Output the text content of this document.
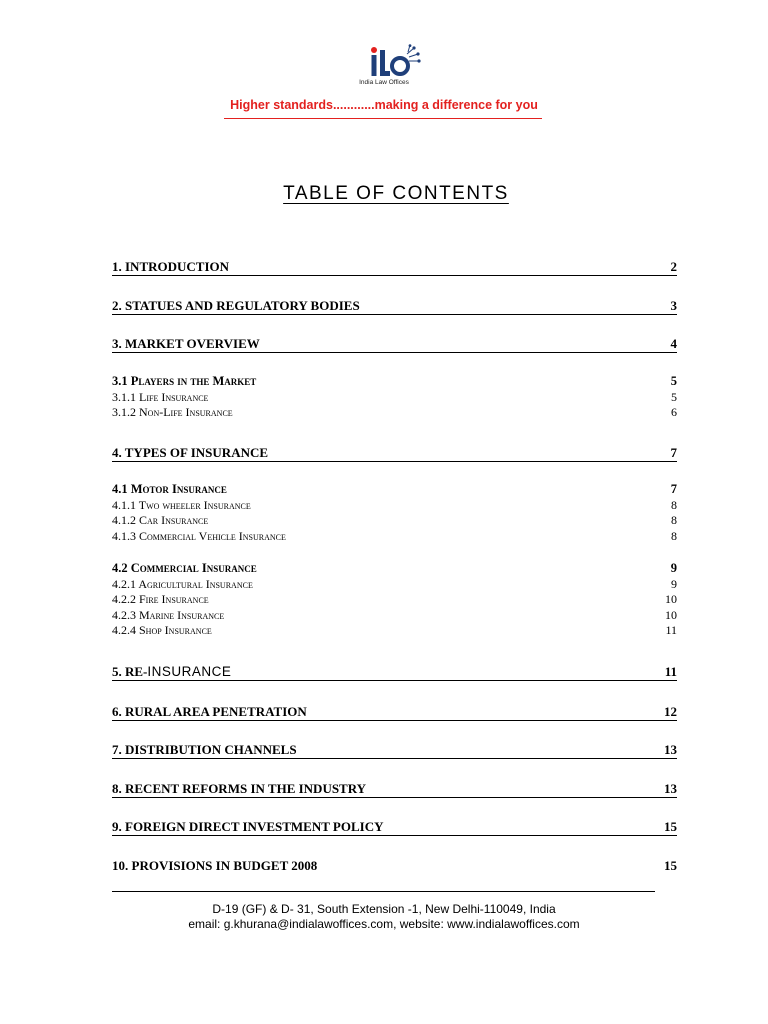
India Law Offices
Higher standards............making a difference for you
TABLE OF CONTENTS
1. INTRODUCTION	2
2. STATUES AND REGULATORY BODIES	3
3. MARKET OVERVIEW	4
3.1 Players in the Market	5
3.1.1 Life Insurance	5
3.1.2 Non-Life Insurance	6
4. TYPES OF INSURANCE	7
4.1 Motor Insurance	7
4.1.1 Two wheeler Insurance	8
4.1.2 Car Insurance	8
4.1.3 Commercial Vehicle Insurance	8
4.2 Commercial Insurance	9
4.2.1 Agricultural Insurance	9
4.2.2 Fire Insurance	10
4.2.3 Marine Insurance	10
4.2.4 Shop Insurance	11
5. RE-INSURANCE	11
6. RURAL AREA PENETRATION	12
7. DISTRIBUTION CHANNELS	13
8. RECENT REFORMS IN THE INDUSTRY	13
9. FOREIGN DIRECT INVESTMENT POLICY	15
10. PROVISIONS IN BUDGET 2008	15
D-19 (GF) & D- 31, South Extension -1, New Delhi-110049, India
email: g.khurana@indialawoffices.com, website: www.indialawoffices.com
